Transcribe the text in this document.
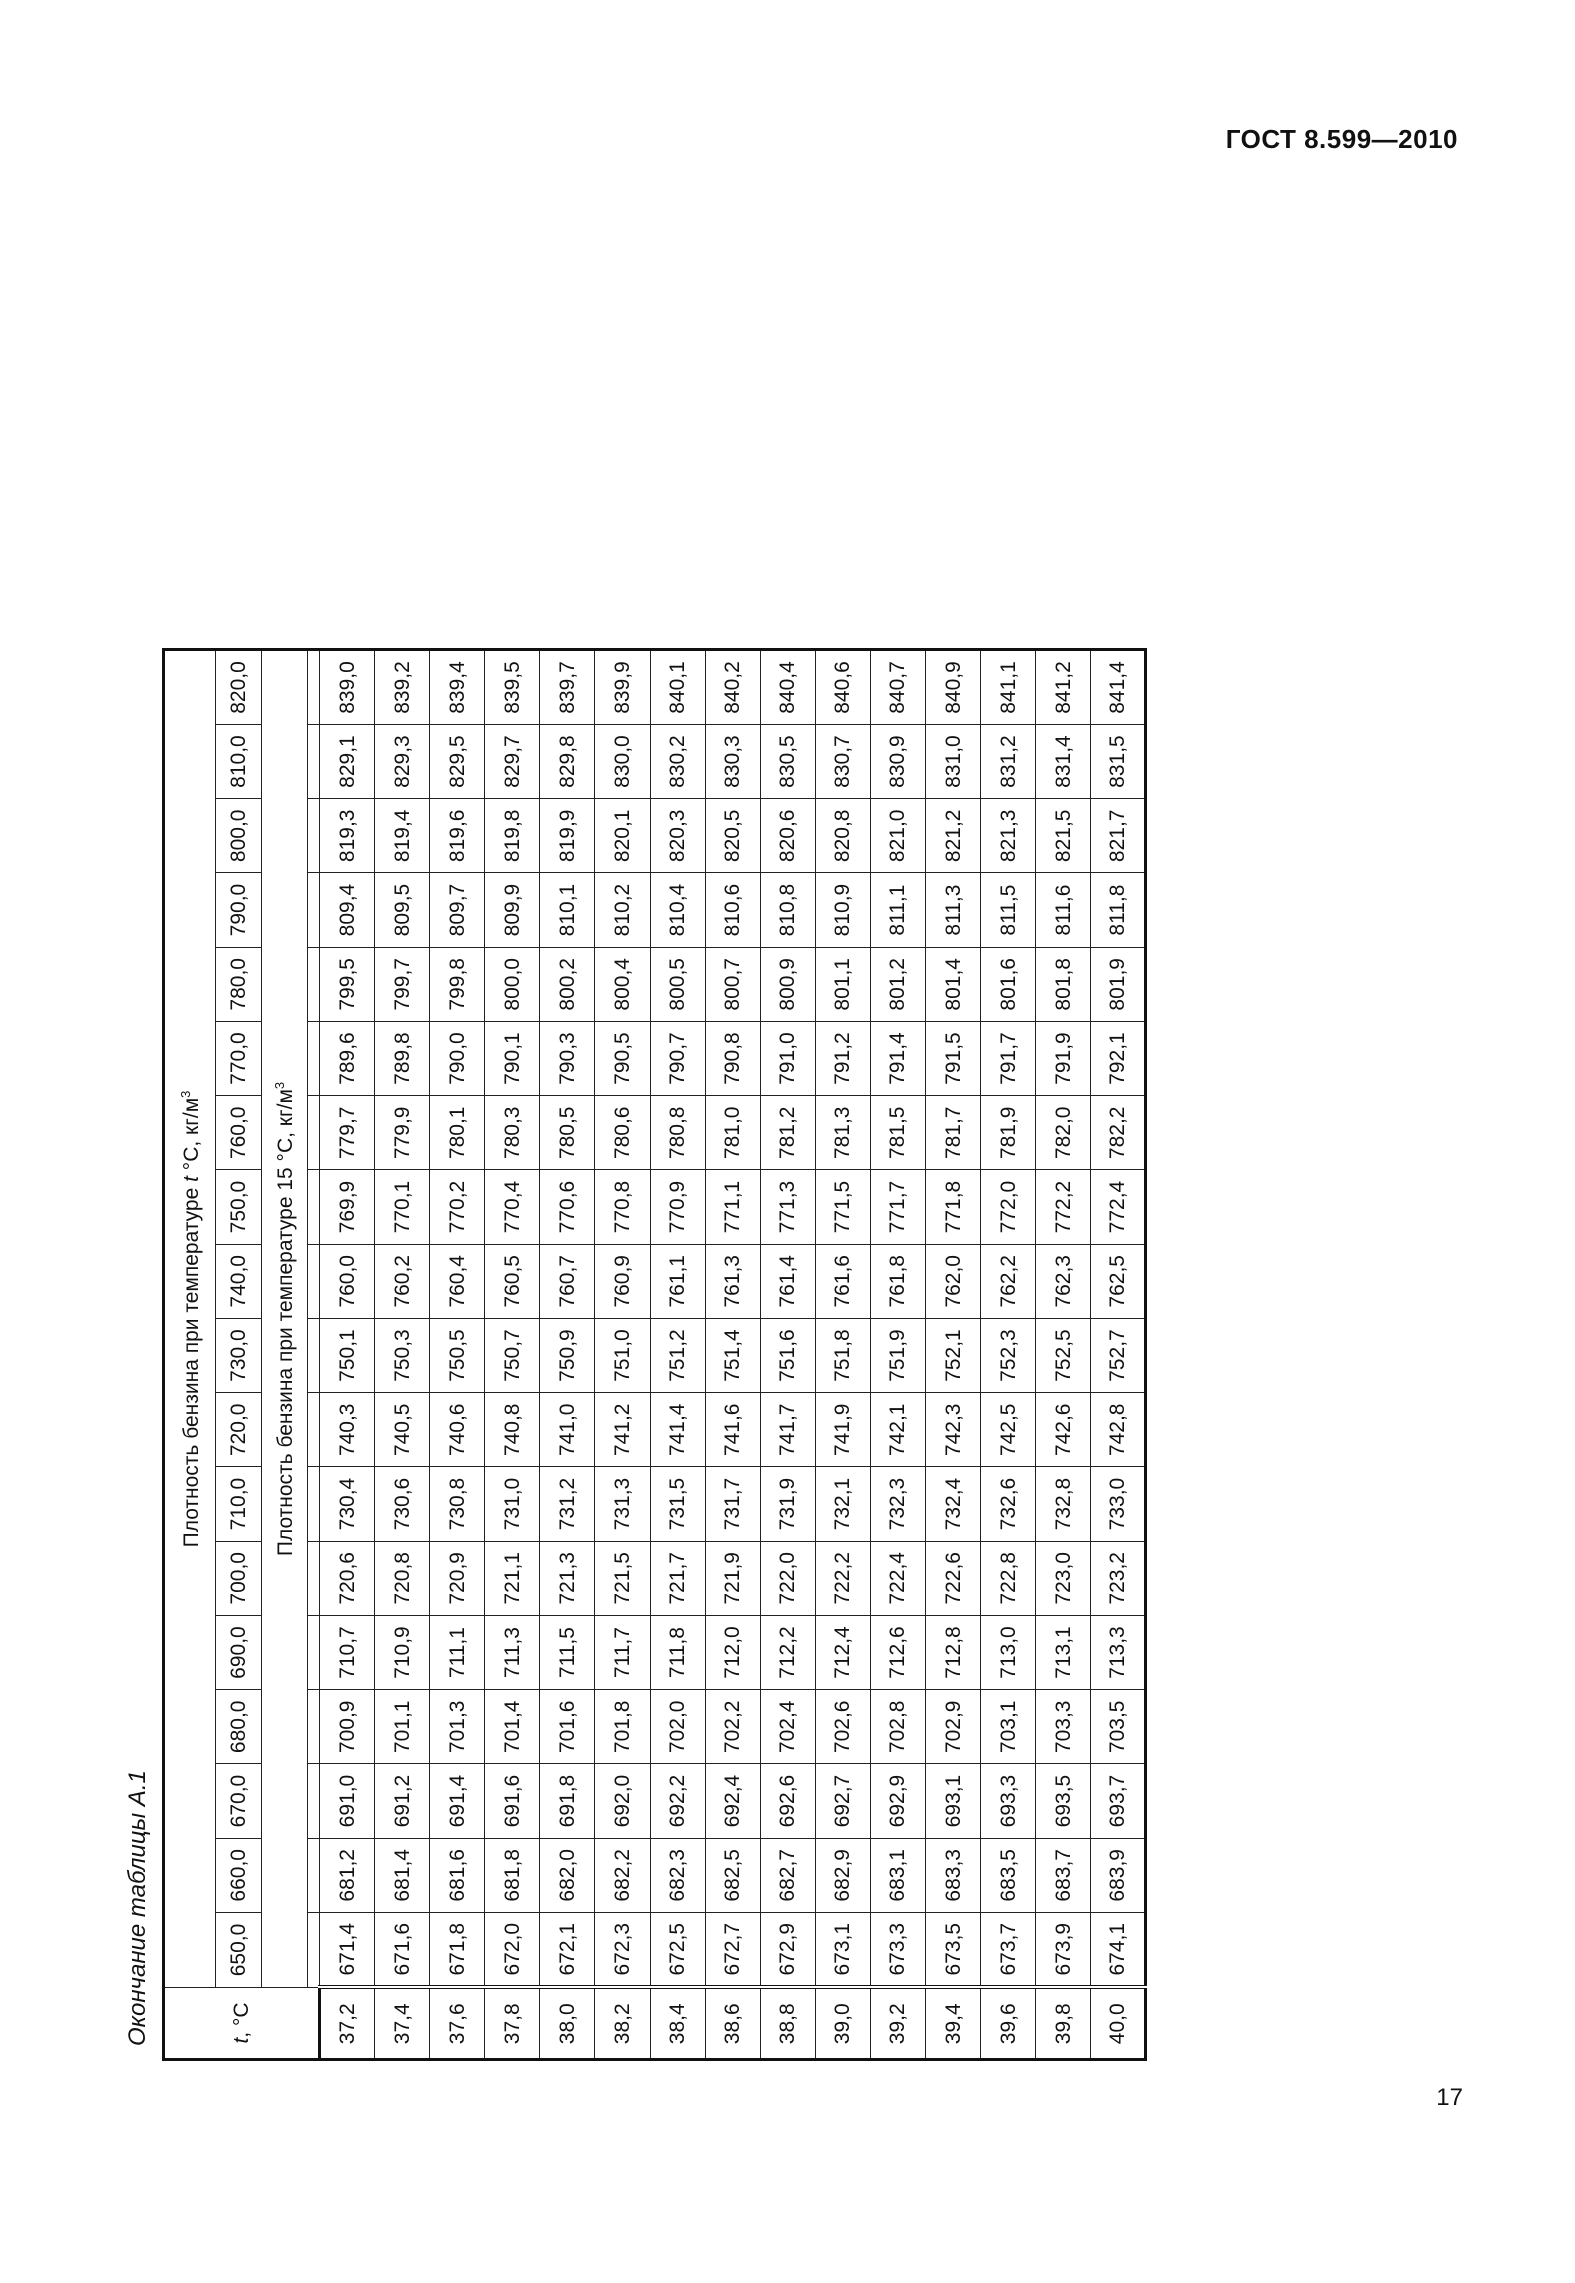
ГОСТ 8.599—2010
Окончание таблицы А.1	t, °С	Плотность бензина при температуре t °С, $кг/м^3$
	650,0	660,0	670,0	680,0	690,0	700,0	710,0	720,0	730,0	740,0	750,0	760,0	770,0	780,0	790,0	800,0	810,0	820,0
	Плотность бензина при температуре 15 °С, $кг/м^3$

37,2	671,4	681,2	691,0	700,9	710,7	720,6	730,4	740,3	750,1	760,0	769,9	779,7	789,6	799,5	809,4	819,3	829,1	839,0
37,4	671,6	681,4	691,2	701,1	710,9	720,8	730,6	740,5	750,3	760,2	770,1	779,9	789,8	799,7	809,5	819,4	829,3	839,2
37,6	671,8	681,6	691,4	701,3	711,1	720,9	730,8	740,6	750,5	760,4	770,2	780,1	790,0	799,8	809,7	819,6	829,5	839,4
37,8	672,0	681,8	691,6	701,4	711,3	721,1	731,0	740,8	750,7	760,5	770,4	780,3	790,1	800,0	809,9	819,8	829,7	839,5
38,0	672,1	682,0	691,8	701,6	711,5	721,3	731,2	741,0	750,9	760,7	770,6	780,5	790,3	800,2	810,1	819,9	829,8	839,7
38,2	672,3	682,2	692,0	701,8	711,7	721,5	731,3	741,2	751,0	760,9	770,8	780,6	790,5	800,4	810,2	820,1	830,0	839,9
38,4	672,5	682,3	692,2	702,0	711,8	721,7	731,5	741,4	751,2	761,1	770,9	780,8	790,7	800,5	810,4	820,3	830,2	840,1
38,6	672,7	682,5	692,4	702,2	712,0	721,9	731,7	741,6	751,4	761,3	771,1	781,0	790,8	800,7	810,6	820,5	830,3	840,2
38,8	672,9	682,7	692,6	702,4	712,2	722,0	731,9	741,7	751,6	761,4	771,3	781,2	791,0	800,9	810,8	820,6	830,5	840,4
39,0	673,1	682,9	692,7	702,6	712,4	722,2	732,1	741,9	751,8	761,6	771,5	781,3	791,2	801,1	810,9	820,8	830,7	840,6
39,2	673,3	683,1	692,9	702,8	712,6	722,4	732,3	742,1	751,9	761,8	771,7	781,5	791,4	801,2	811,1	821,0	830,9	840,7
39,4	673,5	683,3	693,1	702,9	712,8	722,6	732,4	742,3	752,1	762,0	771,8	781,7	791,5	801,4	811,3	821,2	831,0	840,9
39,6	673,7	683,5	693,3	703,1	713,0	722,8	732,6	742,5	752,3	762,2	772,0	781,9	791,7	801,6	811,5	821,3	831,2	841,1
39,8	673,9	683,7	693,5	703,3	713,1	723,0	732,8	742,6	752,5	762,3	772,2	782,0	791,9	801,8	811,6	821,5	831,4	841,2
40,0	674,1	683,9	693,7	703,5	713,3	723,2	733,0	742,8	752,7	762,5	772,4	782,2	792,1	801,9	811,8	821,7	831,5	841,4
17
